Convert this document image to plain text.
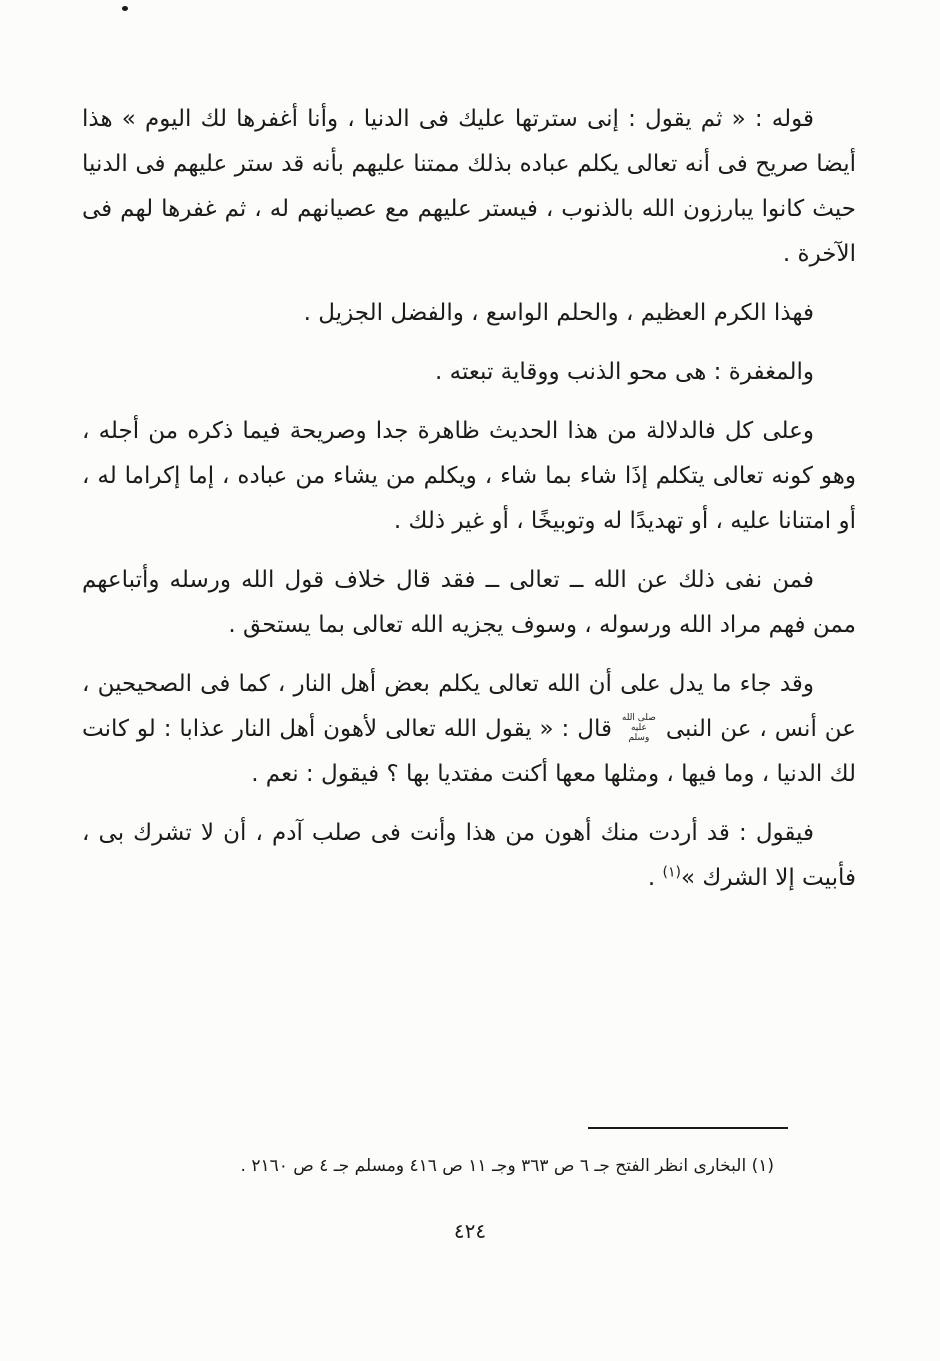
قوله : « ثم يقول : إنى سترتها عليك فى الدنيا ، وأنا أغفرها لك اليوم » هذا أيضا صريح فى أنه تعالى يكلم عباده بذلك ممتنا عليهم بأنه قد ستر عليهم فى الدنيا حيث كانوا يبارزون الله بالذنوب ، فيستر عليهم مع عصيانهم له ، ثم غفرها لهم فى الآخرة .

فهذا الكرم العظيم ، والحلم الواسع ، والفضل الجزيل .

والمغفرة : هى محو الذنب ووقاية تبعته .

وعلى كل فالدلالة من هذا الحديث ظاهرة جدا وصريحة فيما ذكره من أجله ، وهو كونه تعالى يتكلم إذَا شاء بما شاء ، ويكلم من يشاء من عباده ، إما إكراما له ، أو امتنانا عليه ، أو تهديدًا له وتوبيخًا ، أو غير ذلك .

فمن نفى ذلك عن الله ــ تعالى ــ فقد قال خلاف قول الله ورسله وأتباعهم ممن فهم مراد الله ورسوله ، وسوف يجزيه الله تعالى بما يستحق .

وقد جاء ما يدل على أن الله تعالى يكلم بعض أهل النار ، كما فى الصحيحين ، عن أنس ، عن النبى صلى الله عليه وسلم قال : « يقول الله تعالى لأهون أهل النار عذابا : لو كانت لك الدنيا ، وما فيها ، ومثلها معها أكنت مفتديا بها ؟ فيقول : نعم .

فيقول : قد أردت منك أهون من هذا وأنت فى صلب آدم ، أن لا تشرك بى ، فأبيت إلا الشرك »$^{(١)}$ .

(١) البخارى انظر الفتح جـ ٦ ص ٣٦٣ وجـ ١١ ص ٤١٦ ومسلم جـ ٤ ص ٢١٦٠ .
٤٢٤
